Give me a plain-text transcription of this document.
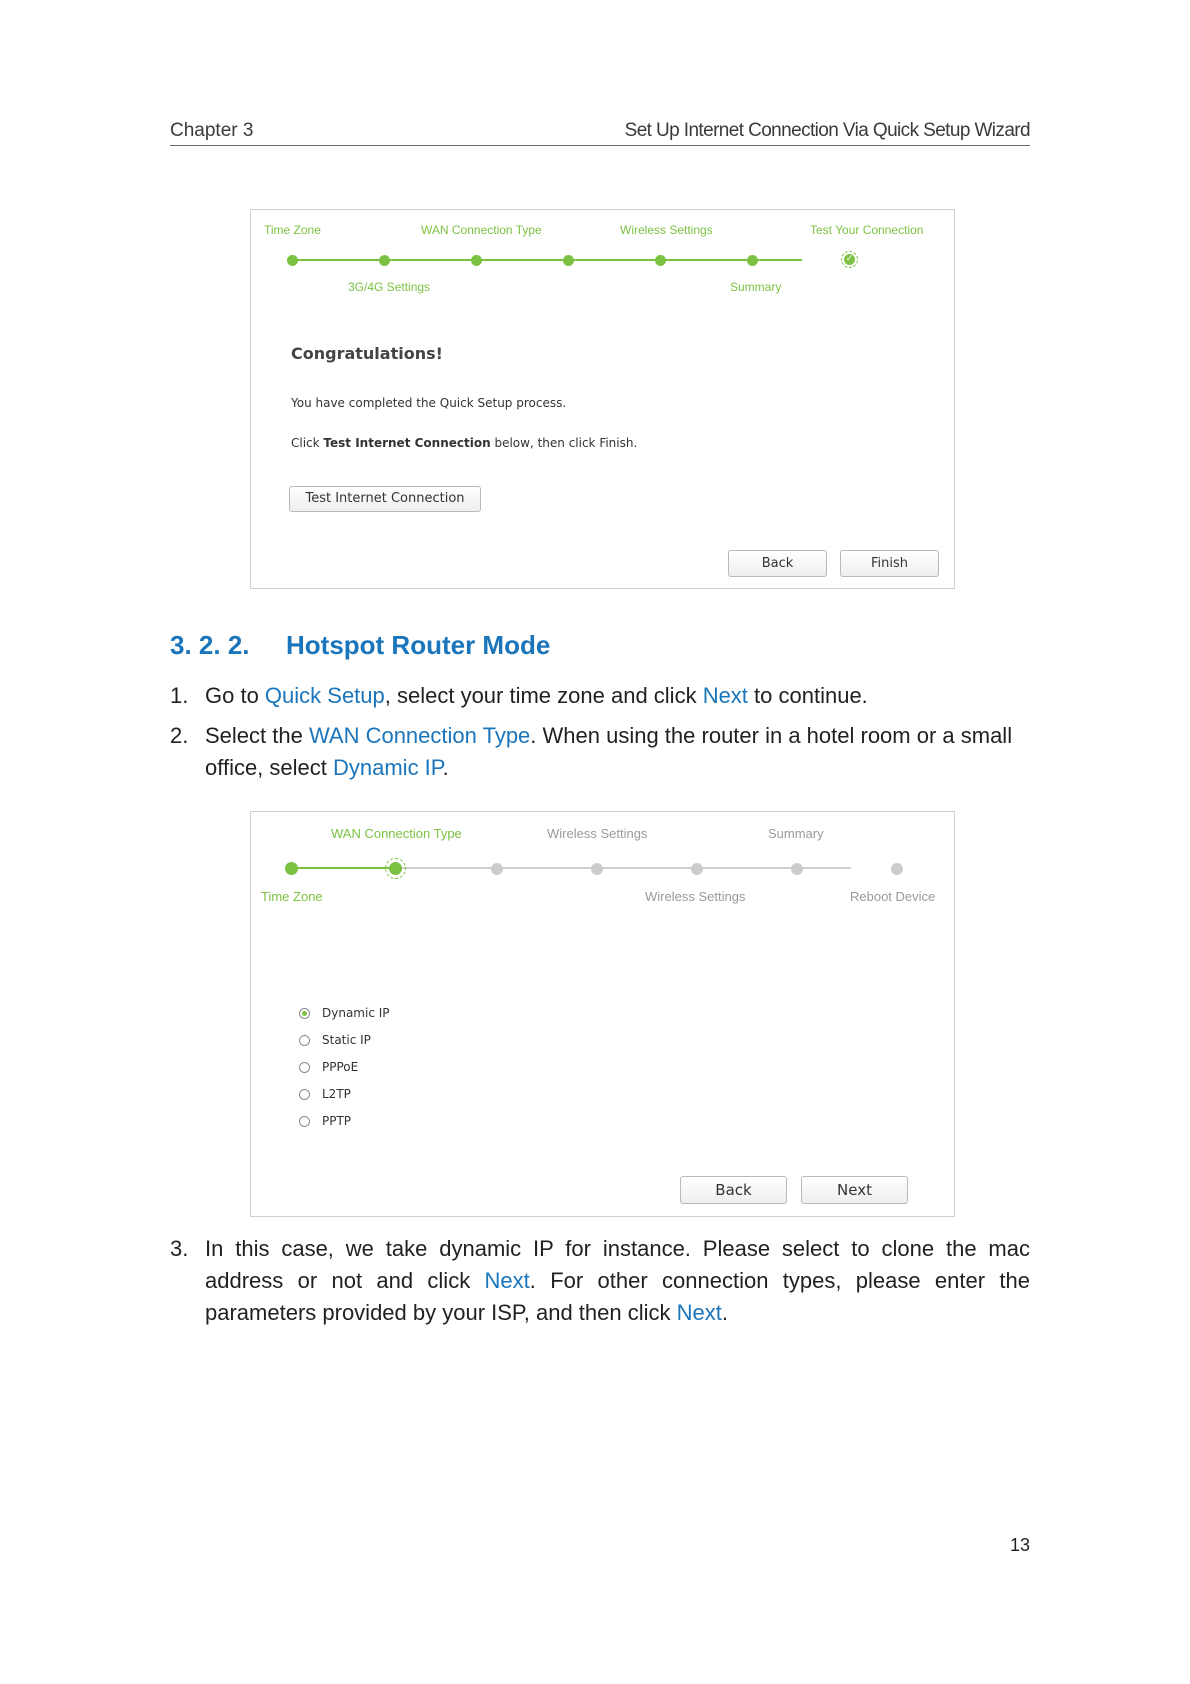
Chapter 3	Set Up Internet Connection Via Quick Setup Wizard
Time Zone	WAN Connection Type	Wireless Settings	Test Your Connection
✓
3G/4G Settings	Summary
Congratulations!
You have completed the Quick Setup process.
Click Test Internet Connection below, then click Finish.
Test Internet Connection
Back	Finish
3. 2. 2. Hotspot Router Mode
1. Go to Quick Setup, select your time zone and click Next to continue.
2. Select the WAN Connection Type. When using the router in a hotel room or a small office, select Dynamic IP.
WAN Connection Type	Wireless Settings	Summary
Time Zone	Wireless Settings	Reboot Device
Dynamic IP
Static IP
PPPoE
L2TP
PPTP
Back	Next
3. In this case, we take dynamic IP for instance. Please select to clone the mac address or not and click Next. For other connection types, please enter the parameters provided by your ISP, and then click Next.
13
